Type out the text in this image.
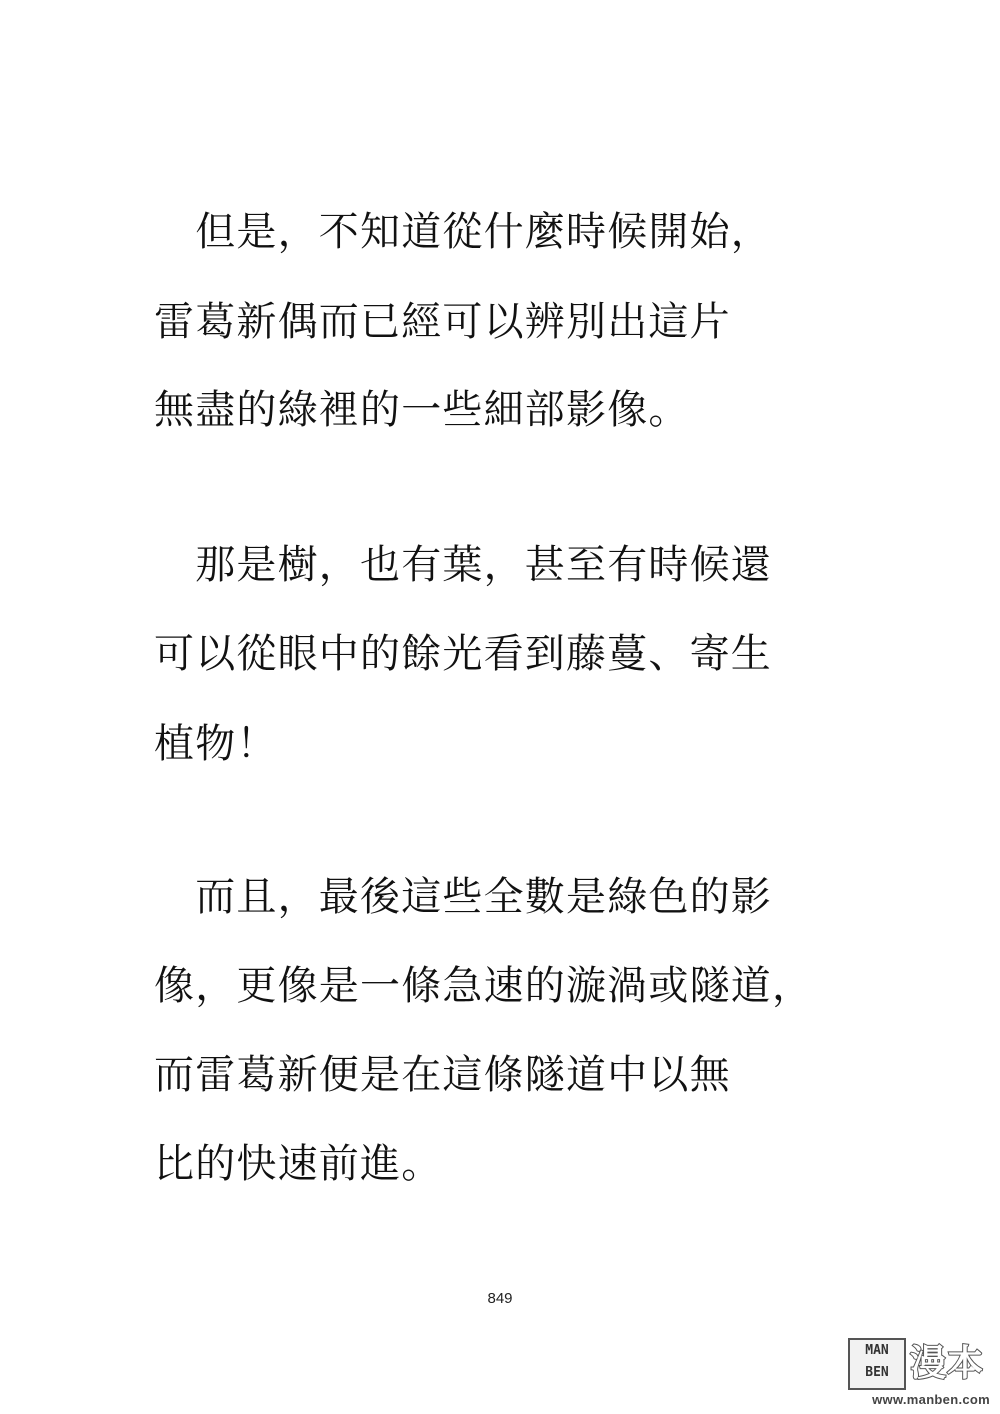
　但是，不知道從什麼時候開始，
雷葛新偶而已經可以辨別出這片
無盡的綠裡的一些細部影像。
　那是樹，也有葉，甚至有時候還
可以從眼中的餘光看到藤蔓、寄生
植物！
　而且，最後這些全數是綠色的影
像，更像是一條急速的漩渦或隧道，
而雷葛新便是在這條隧道中以無
比的快速前進。
849
MAN
BEN 漫本
www.manben.com
